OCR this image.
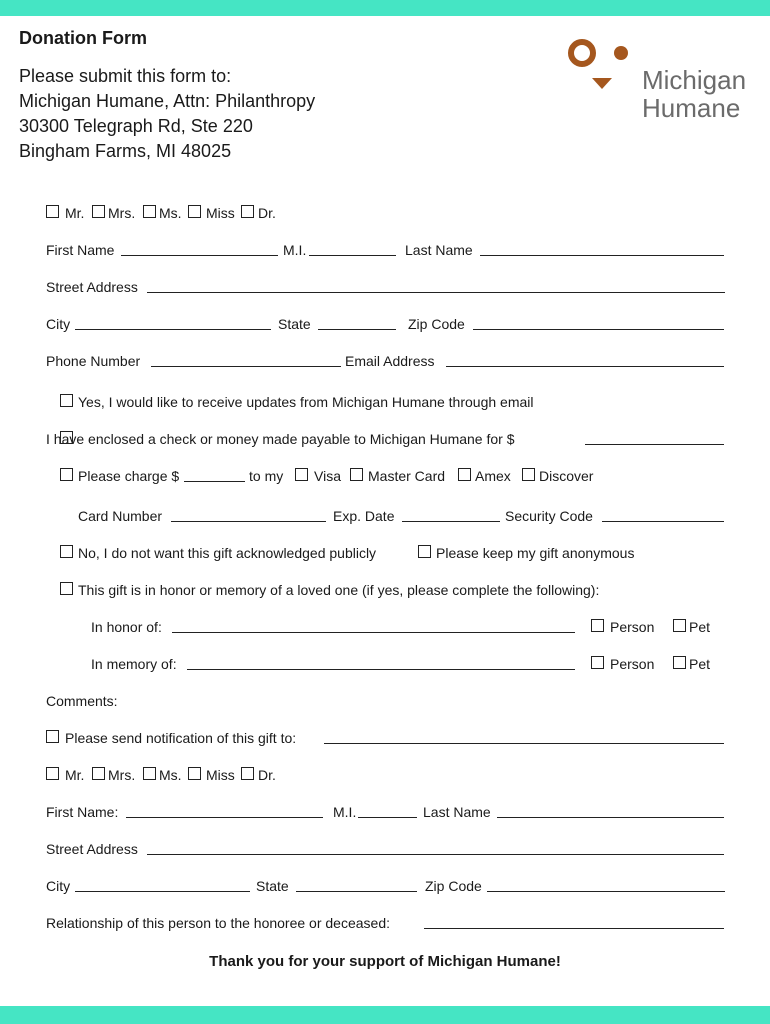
Donation Form
Please submit this form to:
Michigan Humane, Attn: Philanthropy
30300 Telegraph Rd, Ste 220
Bingham Farms, MI 48025
Michigan
Humane
Mr. Mrs. Ms. Miss Dr.
First Name	M.I.	Last Name
Street Address
City	State	Zip Code
Phone Number	Email Address
Yes, I would like to receive updates from Michigan Humane through email
I have enclosed a check or money made payable to Michigan Humane for $
Please charge $	to my Visa Master Card Amex Discover
Card Number	Exp. Date	Security Code
No, I do not want this gift acknowledged publicly	Please keep my gift anonymous
This gift is in honor or memory of a loved one (if yes, please complete the following):
In honor of:	Person Pet
In memory of:	Person Pet
Comments:
Please send notification of this gift to:
Mr. Mrs. Ms. Miss Dr.
First Name:	M.I.	Last Name
Street Address
City	State	Zip Code
Relationship of this person to the honoree or deceased:
Thank you for your support of Michigan Humane!
